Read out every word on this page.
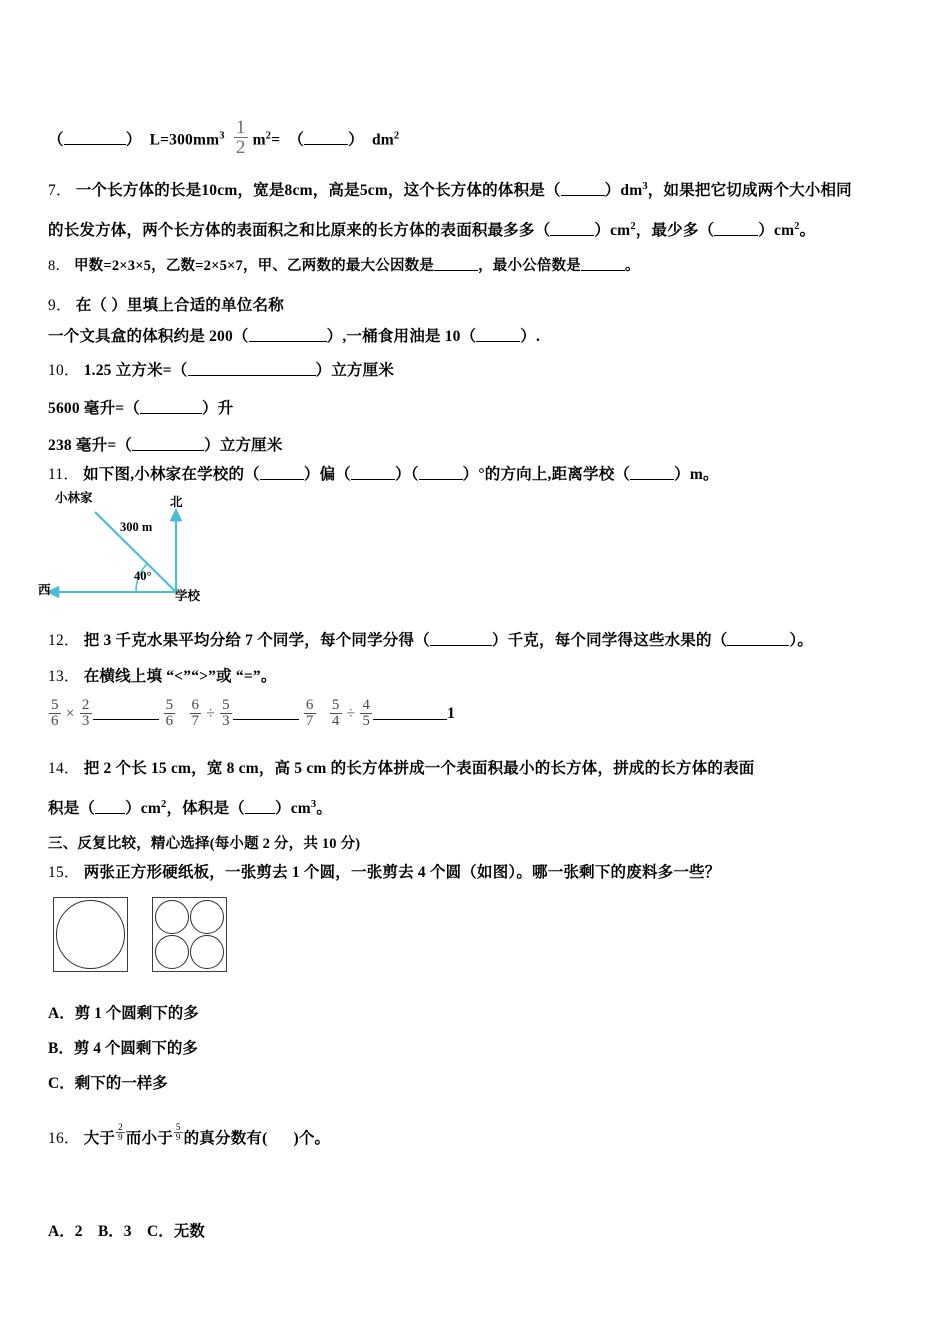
（	） $L=300mm^3 \frac{1}{2} m^2=$ （	） $dm^2$
7． 一个长方体的长是10cm，宽是8cm，高是5cm，这个长方体的体积是（	）$dm^3$，如果把它切成两个大小相同
的长发方体，两个长方体的表面积之和比原来的长方体的表面积最多多（	）$cm^2$，最少多（	）$cm^2$。
8． 甲数=2×3×5，乙数=2×5×7，甲、乙两数的最大公因数是	，最小公倍数是	。
9． 在（ ）里填上合适的单位名称
一个文具盒的体积约是 200（	）,一桶食用油是 10（	）.
10． 1.25 立方米=（	）立方厘米
5600 毫升=（	）升
238 毫升=（	）立方厘米
11． 如下图,小林家在学校的（	）偏（	）（	）°的方向上,距离学校（	）m。
小林家	北
西	学校
300 m
40°
12． 把 3 千克水果平均分给 7 个同学，每个同学分得（	）千克，每个同学得这些水果的（	）。
13． 在横线上填 “<”“>”或 “=”。
$\frac{5}{6} \times \frac{2}{3}$
	$\frac{5}{6}$
$\frac{6}{7} \div \frac{5}{3}$
	$\frac{6}{7}$
$\frac{5}{4} \div \frac{4}{5}$	1
14． 把 2 个长 15 cm，宽 8 cm，高 5 cm 的长方体拼成一个表面积最小的长方体，拼成的长方体的表面
积是（ ）$cm^2$，体积是（ ）$cm^3$。
三、反复比较，精心选择(每小题 2 分，共 10 分)
15． 两张正方形硬纸板，一张剪去 1 个圆，一张剪去 4 个圆（如图）。哪一张剩下的废料多一些？
A．剪 1 个圆剩下的多
B．剪 4 个圆剩下的多
C．剩下的一样多
16． 大于 $\frac{2}{9}$ 而小于 $\frac{5}{9}$ 的真分数有( )个。
A．2 B．3 C．无数
